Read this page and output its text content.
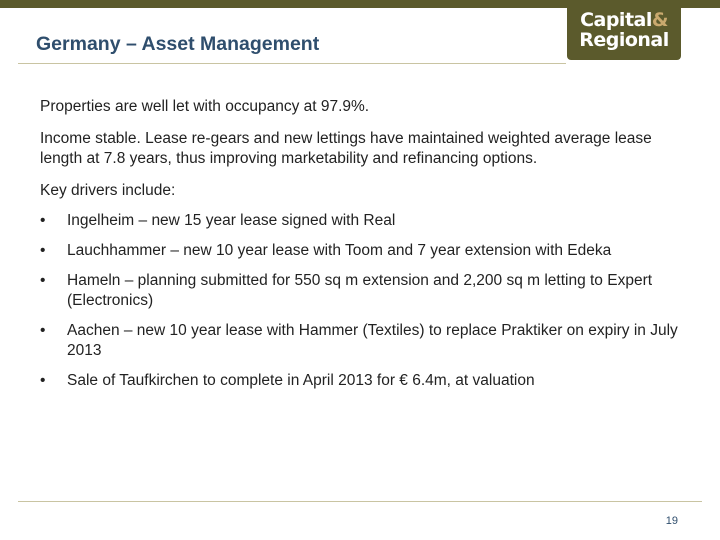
Germany – Asset Management
Capital&
Regional

Properties are well let with occupancy at 97.9%.

Income stable. Lease re-gears and new lettings have maintained weighted average lease length at 7.8 years, thus improving marketability and refinancing options.

Key drivers include:

• Ingelheim – new 15 year lease signed with Real
• Lauchhammer – new 10 year lease with Toom and 7 year extension with Edeka
• Hameln – planning submitted for 550 sq m extension and 2,200 sq m letting to Expert (Electronics)
• Aachen – new 10 year lease with Hammer (Textiles) to replace Praktiker on expiry in July 2013
• Sale of Taufkirchen to complete in April 2013 for € 6.4m, at valuation
19
